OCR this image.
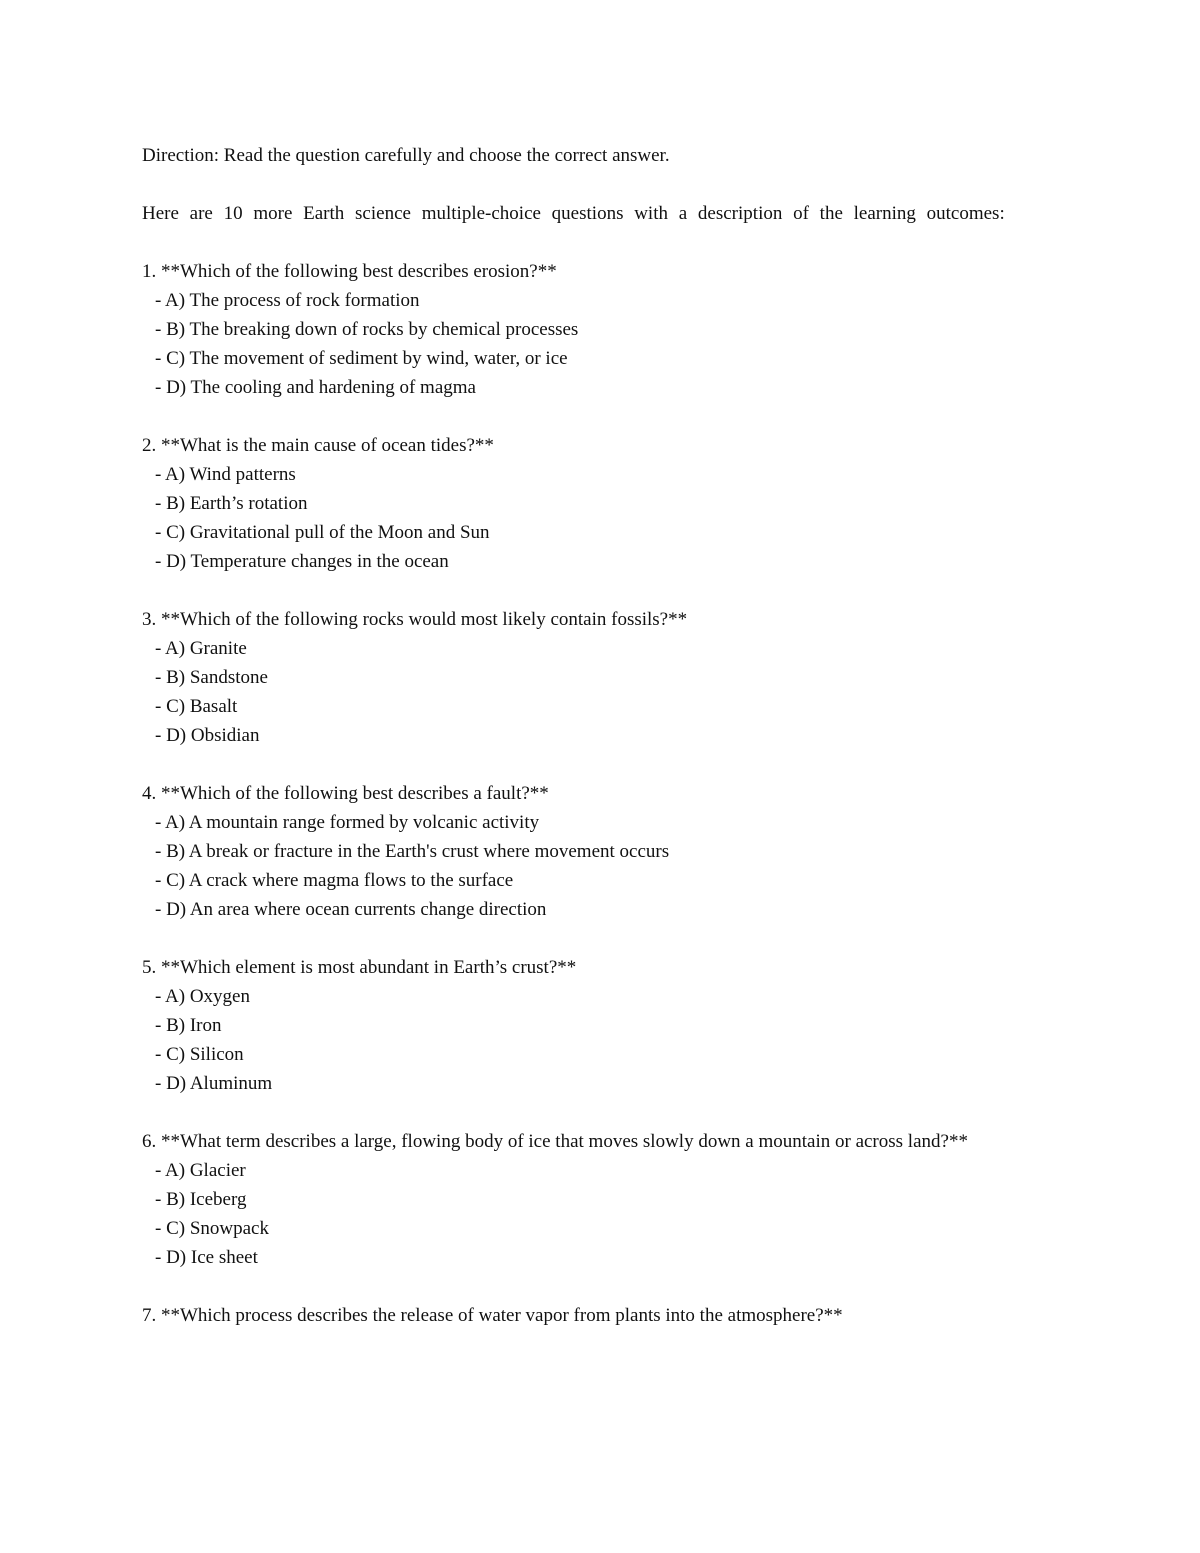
Direction: Read the question carefully and choose the correct answer.

Here are 10 more Earth science multiple-choice questions with a description of the learning outcomes:

1. **Which of the following best describes erosion?**

- A) The process of rock formation

- B) The breaking down of rocks by chemical processes

- C) The movement of sediment by wind, water, or ice

- D) The cooling and hardening of magma

2. **What is the main cause of ocean tides?**

- A) Wind patterns

- B) Earth’s rotation

- C) Gravitational pull of the Moon and Sun

- D) Temperature changes in the ocean

3. **Which of the following rocks would most likely contain fossils?**

- A) Granite

- B) Sandstone

- C) Basalt

- D) Obsidian

4. **Which of the following best describes a fault?**

- A) A mountain range formed by volcanic activity

- B) A break or fracture in the Earth's crust where movement occurs

- C) A crack where magma flows to the surface

- D) An area where ocean currents change direction

5. **Which element is most abundant in Earth’s crust?**

- A) Oxygen

- B) Iron

- C) Silicon

- D) Aluminum

6. **What term describes a large, flowing body of ice that moves slowly down a mountain or across land?**

- A) Glacier

- B) Iceberg

- C) Snowpack

- D) Ice sheet

7. **Which process describes the release of water vapor from plants into the atmosphere?**
